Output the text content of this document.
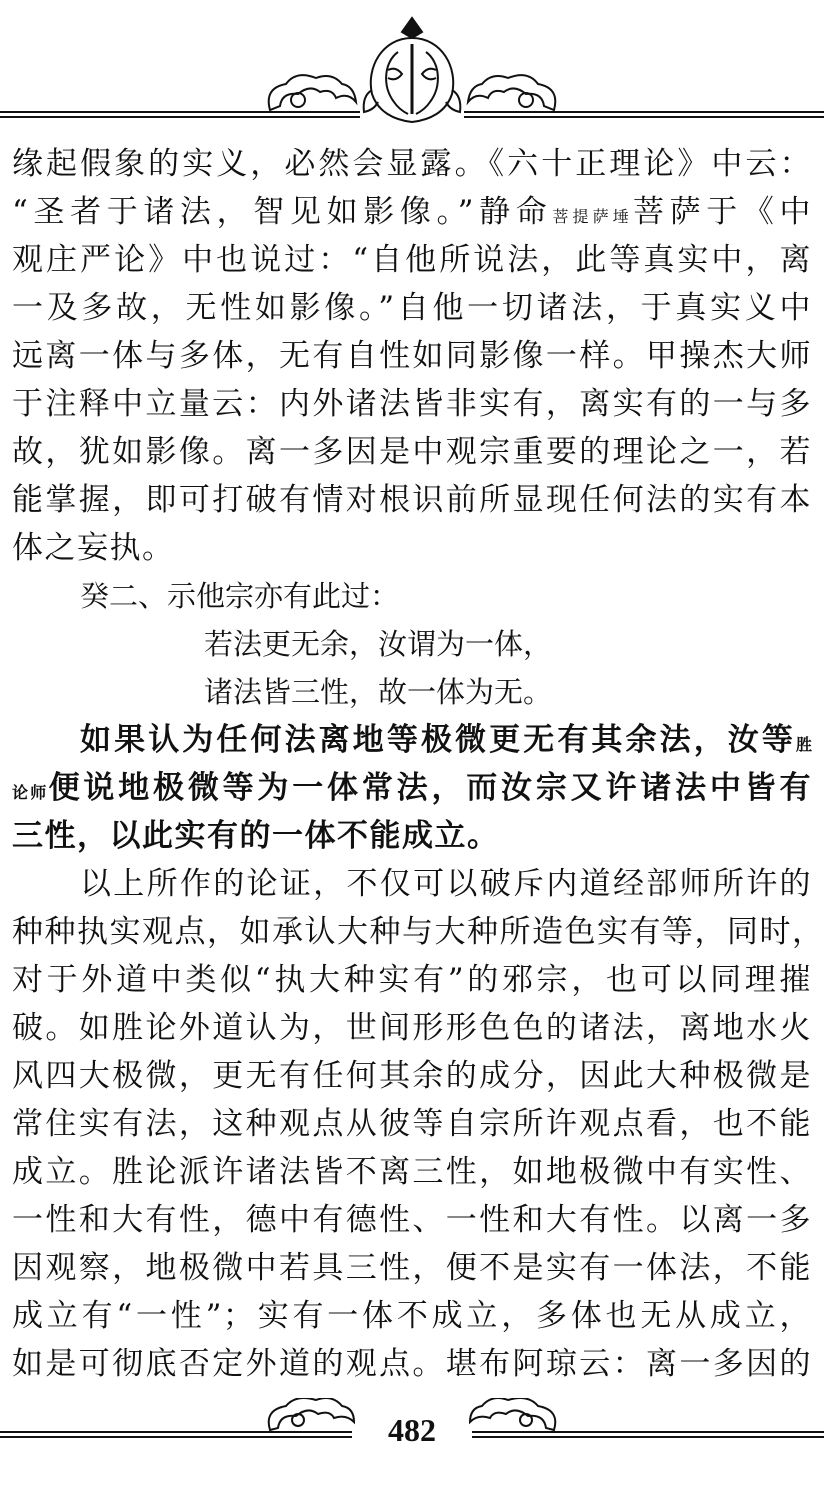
缘起假象的实义，必然会显露。《六十正理论》中云：
“圣者于诸法，智见如影像。”静命菩提萨埵菩萨于《中
观庄严论》中也说过：“自他所说法，此等真实中，离
一及多故，无性如影像。”自他一切诸法，于真实义中
远离一体与多体，无有自性如同影像一样。甲操杰大师
于注释中立量云：内外诸法皆非实有，离实有的一与多
故，犹如影像。离一多因是中观宗重要的理论之一，若
能掌握，即可打破有情对根识前所显现任何法的实有本
体之妄执。
癸二、示他宗亦有此过：
若法更无余，汝谓为一体，
诸法皆三性，故一体为无。
如果认为任何法离地等极微更无有其余法，汝等胜
论师便说地极微等为一体常法，而汝宗又许诸法中皆有
三性，以此实有的一体不能成立。
以上所作的论证，不仅可以破斥内道经部师所许的
种种执实观点，如承认大种与大种所造色实有等，同时，
对于外道中类似“执大种实有”的邪宗，也可以同理摧
破。如胜论外道认为，世间形形色色的诸法，离地水火
风四大极微，更无有任何其余的成分，因此大种极微是
常住实有法，这种观点从彼等自宗所许观点看，也不能
成立。胜论派许诸法皆不离三性，如地极微中有实性、
一性和大有性，德中有德性、一性和大有性。以离一多
因观察，地极微中若具三性，便不是实有一体法，不能
成立有“一性”；实有一体不成立，多体也无从成立，
如是可彻底否定外道的观点。堪布阿琼云：离一多因的
482
